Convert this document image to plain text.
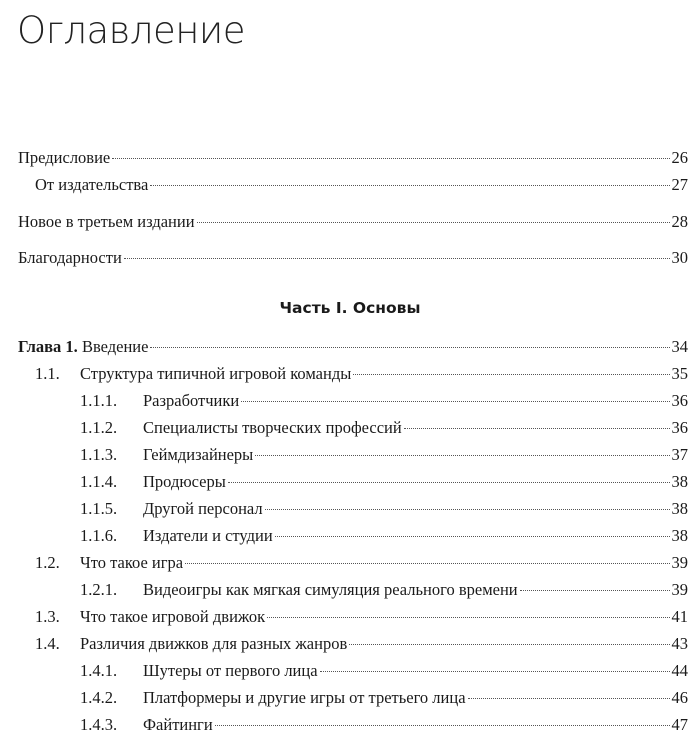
Оглавление
Предисловие	26
От издательства	27
Новое в третьем издании	28
Благодарности	30
Часть I. Основы
Глава 1. Введение	34
1.1. Структура типичной игровой команды	35
1.1.1. Разработчики	36
1.1.2. Специалисты творческих профессий	36
1.1.3. Геймдизайнеры	37
1.1.4. Продюсеры	38
1.1.5. Другой персонал	38
1.1.6. Издатели и студии	38
1.2. Что такое игра	39
1.2.1. Видеоигры как мягкая симуляция реального времени	39
1.3. Что такое игровой движок	41
1.4. Различия движков для разных жанров	43
1.4.1. Шутеры от первого лица	44
1.4.2. Платформеры и другие игры от третьего лица	46
1.4.3. Файтинги	47
